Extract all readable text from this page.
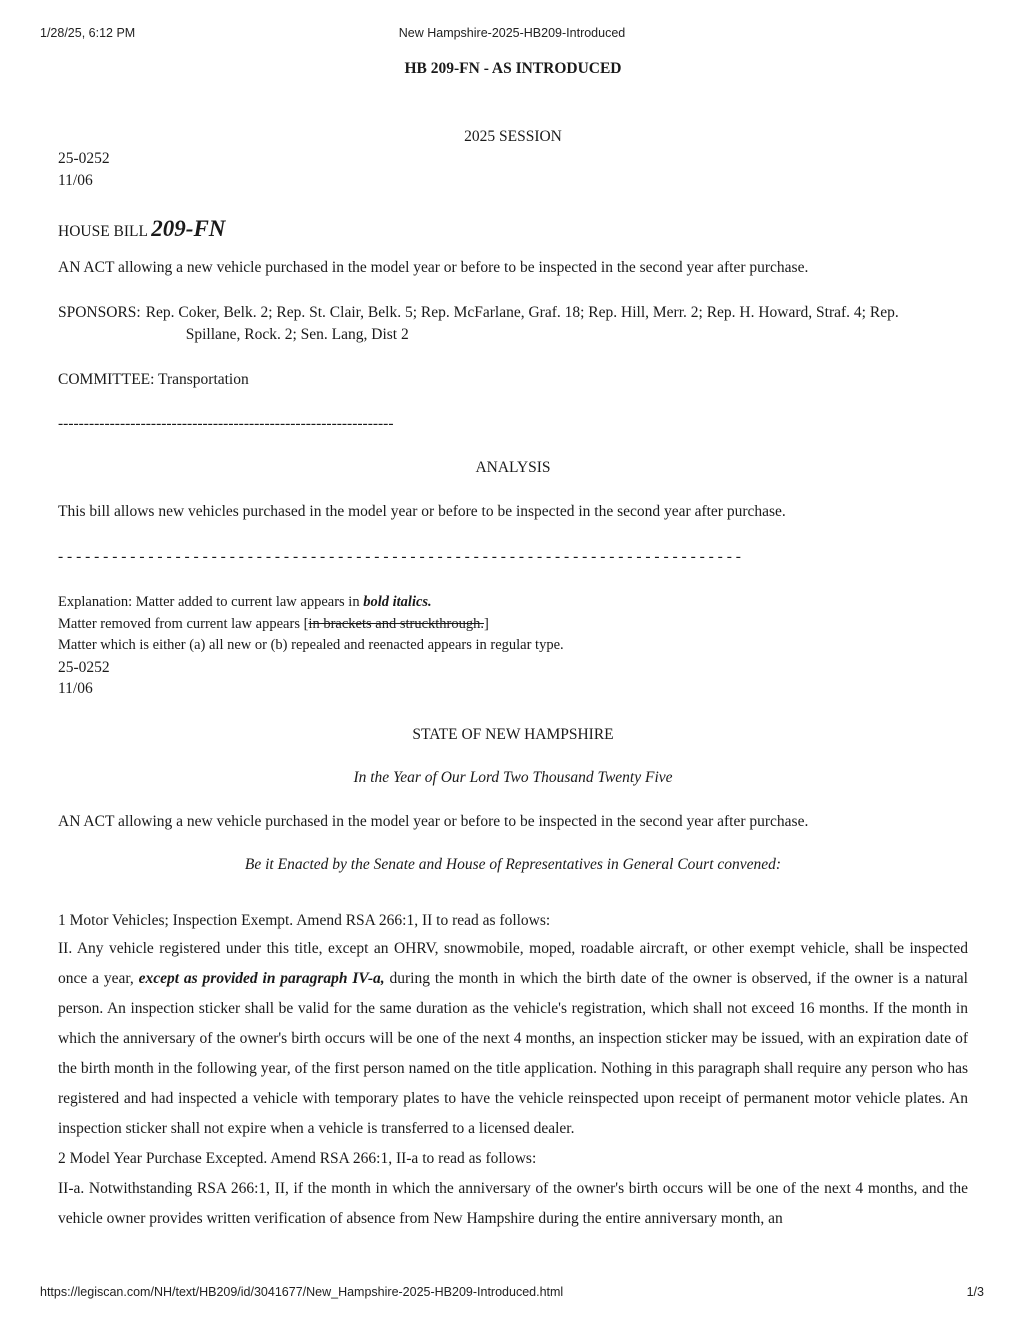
1/28/25, 6:12 PM	New Hampshire-2025-HB209-Introduced
HB 209-FN - AS INTRODUCED
2025 SESSION
25-0252
11/06
HOUSE BILL 209-FN
AN ACT allowing a new vehicle purchased in the model year or before to be inspected in the second year after purchase.
SPONSORS: Rep. Coker, Belk. 2; Rep. St. Clair, Belk. 5; Rep. McFarlane, Graf. 18; Rep. Hill, Merr. 2; Rep. H. Howard, Straf. 4; Rep.
Spillane, Rock. 2; Sen. Lang, Dist 2
COMMITTEE: Transportation
-----------------------------------------------------------------
ANALYSIS
This bill allows new vehicles purchased in the model year or before to be inspected in the second year after purchase.
- - - - - - - - - - - - - - - - - - - - - - - - - - - - - - - - - - - - - - - - - - - - - - - - - - - - - - - - - - - - - - - - - - - - - - - - - - - -
Explanation: Matter added to current law appears in bold italics.
Matter removed from current law appears [in brackets and struckthrough.]
Matter which is either (a) all new or (b) repealed and reenacted appears in regular type.
25-0252
11/06
STATE OF NEW HAMPSHIRE
In the Year of Our Lord Two Thousand Twenty Five
AN ACT allowing a new vehicle purchased in the model year or before to be inspected in the second year after purchase.
Be it Enacted by the Senate and House of Representatives in General Court convened:
1 Motor Vehicles; Inspection Exempt. Amend RSA 266:1, II to read as follows:
II. Any vehicle registered under this title, except an OHRV, snowmobile, moped, roadable aircraft, or other exempt vehicle, shall be inspected once a year, except as provided in paragraph IV-a, during the month in which the birth date of the owner is observed, if the owner is a natural person. An inspection sticker shall be valid for the same duration as the vehicle's registration, which shall not exceed 16 months. If the month in which the anniversary of the owner's birth occurs will be one of the next 4 months, an inspection sticker may be issued, with an expiration date of the birth month in the following year, of the first person named on the title application. Nothing in this paragraph shall require any person who has registered and had inspected a vehicle with temporary plates to have the vehicle reinspected upon receipt of permanent motor vehicle plates. An inspection sticker shall not expire when a vehicle is transferred to a licensed dealer.
2 Model Year Purchase Excepted. Amend RSA 266:1, II-a to read as follows:
II-a. Notwithstanding RSA 266:1, II, if the month in which the anniversary of the owner's birth occurs will be one of the next 4 months, and the vehicle owner provides written verification of absence from New Hampshire during the entire anniversary month, an
https://legiscan.com/NH/text/HB209/id/3041677/New_Hampshire-2025-HB209-Introduced.html	1/3
